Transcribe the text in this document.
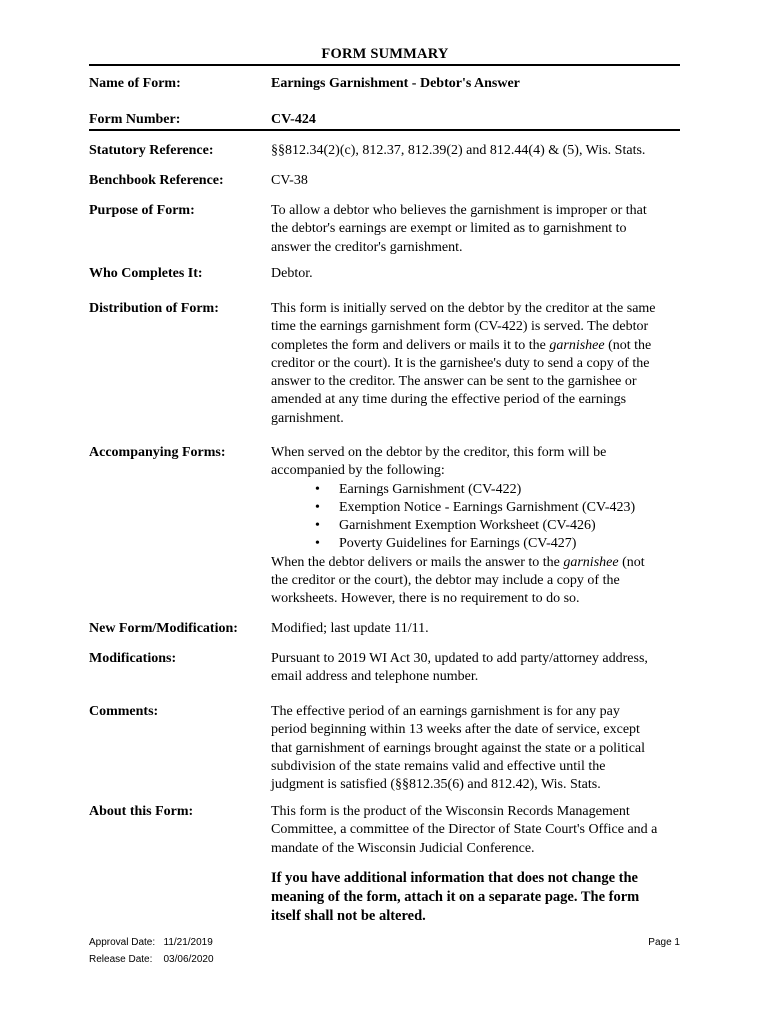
FORM SUMMARY
Name of Form:	Earnings Garnishment - Debtor's Answer
Form Number:	CV-424
Statutory Reference:	§§812.34(2)(c), 812.37, 812.39(2) and 812.44(4) & (5), Wis. Stats.
Benchbook Reference:	CV-38
Purpose of Form:	To allow a debtor who believes the garnishment is improper or that
the debtor's earnings are exempt or limited as to garnishment to
answer the creditor's garnishment.
Who Completes It:	Debtor.
Distribution of Form:	This form is initially served on the debtor by the creditor at the same
time the earnings garnishment form (CV-422) is served. The debtor
completes the form and delivers or mails it to the garnishee (not the
creditor or the court). It is the garnishee's duty to send a copy of the
answer to the creditor. The answer can be sent to the garnishee or
amended at any time during the effective period of the earnings
garnishment.
Accompanying Forms:	When served on the debtor by the creditor, this form will be
accompanied by the following:
• Earnings Garnishment (CV-422)
• Exemption Notice - Earnings Garnishment (CV-423)
• Garnishment Exemption Worksheet (CV-426)
• Poverty Guidelines for Earnings (CV-427)
When the debtor delivers or mails the answer to the garnishee (not
the creditor or the court), the debtor may include a copy of the
worksheets. However, there is no requirement to do so.
New Form/Modification:	Modified; last update 11/11.
Modifications:	Pursuant to 2019 WI Act 30, updated to add party/attorney address,
email address and telephone number.
Comments:	The effective period of an earnings garnishment is for any pay
period beginning within 13 weeks after the date of service, except
that garnishment of earnings brought against the state or a political
subdivision of the state remains valid and effective until the
judgment is satisfied (§§812.35(6) and 812.42), Wis. Stats.
About this Form:	This form is the product of the Wisconsin Records Management
Committee, a committee of the Director of State Court's Office and a
mandate of the Wisconsin Judicial Conference.
If you have additional information that does not change the
meaning of the form, attach it on a separate page. The form
itself shall not be altered.
Approval Date: 11/21/2019
Release Date: 03/06/2020
Page 1
